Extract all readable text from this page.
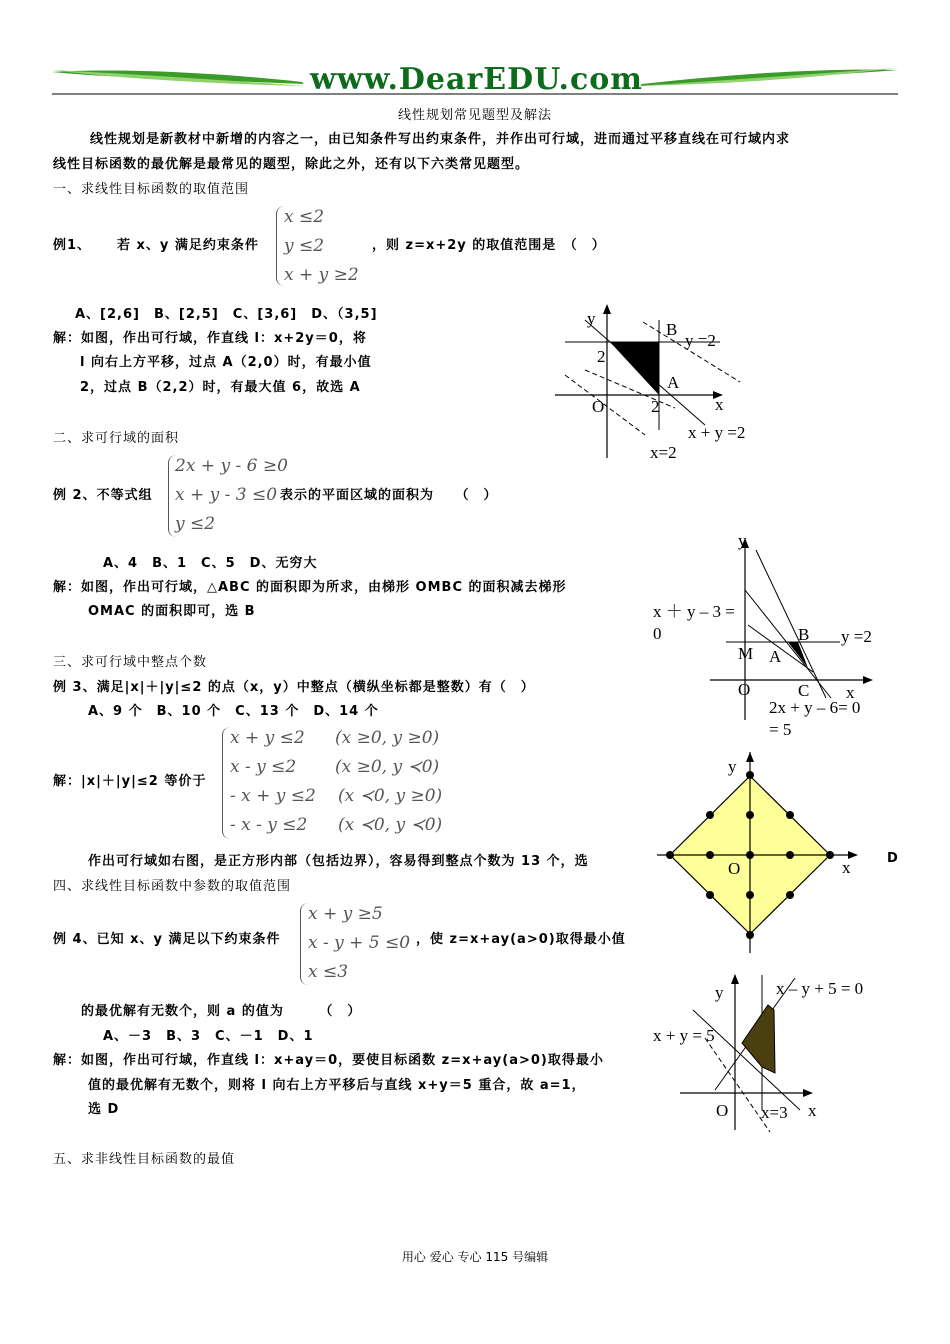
www.DearEDU.com
线性规划常见题型及解法
线性规划是新教材中新增的内容之一，由已知条件写出约束条件，并作出可行域，进而通过平移直线在可行域内求
线性目标函数的最优解是最常见的题型，除此之外，还有以下六类常见题型。
一、求线性目标函数的取值范围
例1、 若 x、y 满足约束条件
x ≤2
y ≤2
x + y ≥2
，则 z=x+2y 的取值范围是　（　）
A、[2,6]　B、[2,5]　C、[3,6]　D、（3,5]
解：如图，作出可行域，作直线 l：x+2y＝0，将
l 向右上方平移，过点 A（2,0）时，有最小值
2，过点 B（2,2）时，有最大值 6，故选 A
y
x
O
B
A
2
2
y =2
x + y =2
x=2
二、求可行域的面积
例 2、不等式组
2x + y - 6 ≥0
x + y - 3 ≤0
y ≤2
表示的平面区域的面积为　　（　）
A、4　B、1　C、5　D、无穷大
解：如图，作出可行域，△ABC 的面积即为所求，由梯形 OMBC 的面积减去梯形
OMAC 的面积即可，选 B
y
x
O
B
A
M
C
x ＋ y – 3 =
0	y =2
2x + y – 6= 0
= 5
三、求可行域中整点个数
例 3、满足|x|＋|y|≤2 的点（x，y）中整点（横纵坐标都是整数）有（　）
A、9 个　B、10 个　C、13 个　D、14 个
解：|x|＋|y|≤2 等价于
x + y ≤2 (x ≥0, y ≥0)
x - y ≤2 (x ≥0, y ≺0)
- x + y ≤2 (x ≺0, y ≥0)
- x - y ≤2 (x ≺0, y ≺0)
作出可行域如右图，是正方形内部（包括边界），容易得到整点个数为 13 个，选	D
y
x
O
四、求线性目标函数中参数的取值范围
例 4、已知 x、y 满足以下约束条件
x + y ≥5
x - y + 5 ≤0
x ≤3
，使 z=x+ay(a>0)取得最小值
的最优解有无数个，则 a 的值为　　　（　）
A、－3　B、3　C、－1　D、1
解：如图，作出可行域，作直线 l：x+ay＝0，要使目标函数 z=x+ay(a>0)取得最小
值的最优解有无数个，则将 l 向右上方平移后与直线 x+y＝5 重合，故 a=1，
选 D
y
x
O
x – y + 5 = 0
x + y = 5
x=3
五、求非线性目标函数的最值
用心 爱心 专心 115 号编辑
